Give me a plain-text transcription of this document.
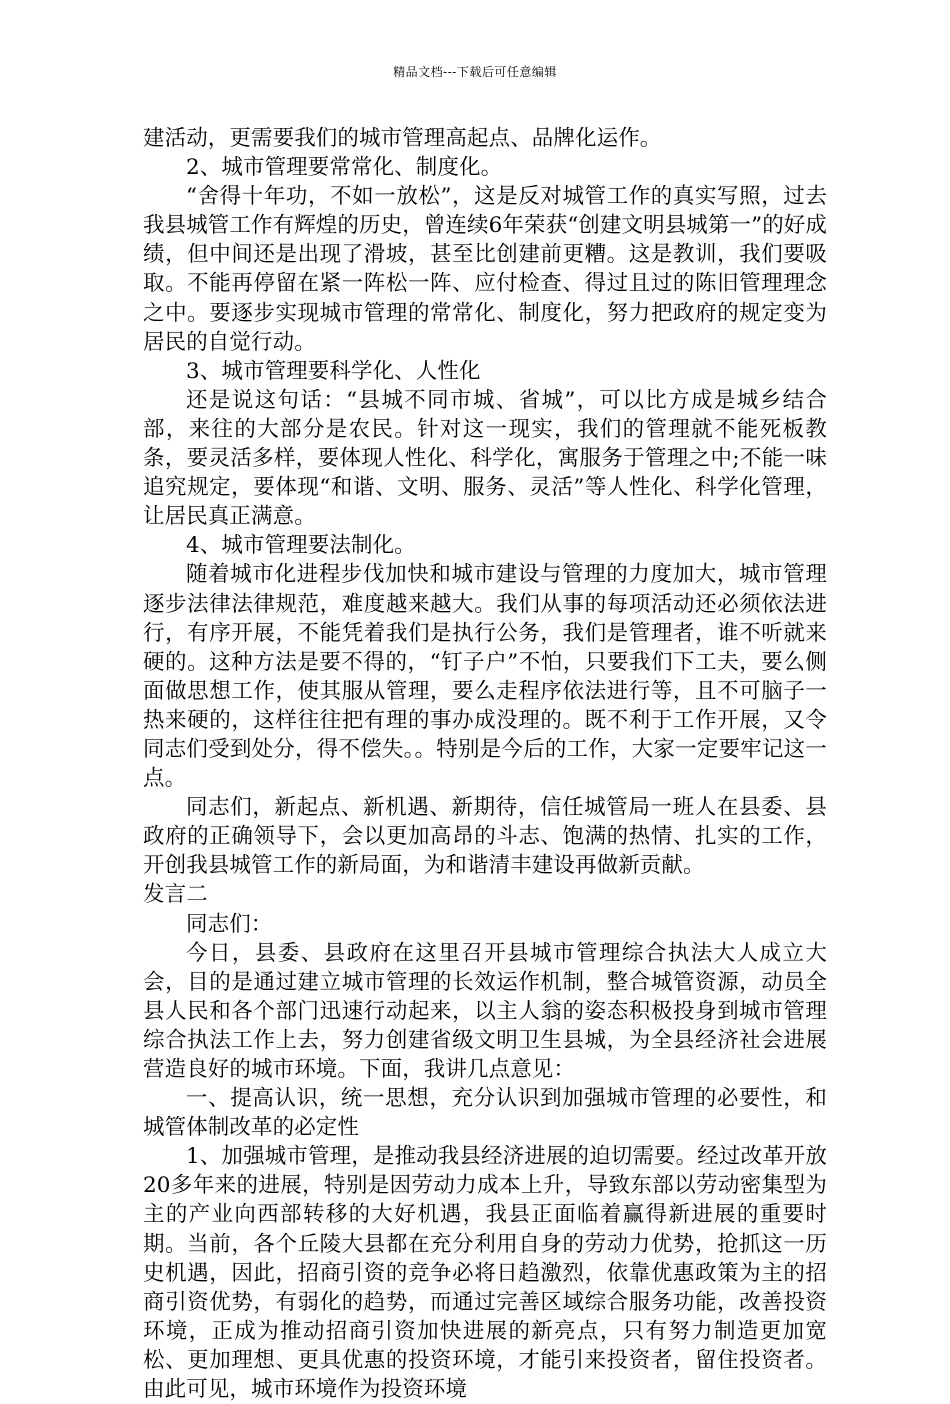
精品文档---下载后可任意编辑

建活动，更需要我们的城市管理高起点、品牌化运作。

2、城市管理要常常化、制度化。

“舍得十年功，不如一放松”，这是反对城管工作的真实写照，过去我县城管工作有辉煌的历史，曾连续6年荣获“创建文明县城第一”的好成绩，但中间还是出现了滑坡，甚至比创建前更糟。这是教训，我们要吸取。不能再停留在紧一阵松一阵、应付检查、得过且过的陈旧管理理念之中。要逐步实现城市管理的常常化、制度化，努力把政府的规定变为居民的自觉行动。

3、城市管理要科学化、人性化

还是说这句话：“县城不同市城、省城”，可以比方成是城乡结合部，来往的大部分是农民。针对这一现实，我们的管理就不能死板教条，要灵活多样，要体现人性化、科学化，寓服务于管理之中;不能一味追究规定，要体现“和谐、文明、服务、灵活”等人性化、科学化管理，让居民真正满意。

4、城市管理要法制化。

随着城市化进程步伐加快和城市建设与管理的力度加大，城市管理逐步法律法律规范，难度越来越大。我们从事的每项活动还必须依法进行，有序开展，不能凭着我们是执行公务，我们是管理者，谁不听就来硬的。这种方法是要不得的，“钉子户”不怕，只要我们下工夫，要么侧面做思想工作，使其服从管理，要么走程序依法进行等，且不可脑子一热来硬的，这样往往把有理的事办成没理的。既不利于工作开展，又令同志们受到处分，得不偿失。。特别是今后的工作，大家一定要牢记这一点。

同志们，新起点、新机遇、新期待，信任城管局一班人在县委、县政府的正确领导下，会以更加高昂的斗志、饱满的热情、扎实的工作，开创我县城管工作的新局面，为和谐清丰建设再做新贡献。

发言二

同志们：

今日，县委、县政府在这里召开县城市管理综合执法大人成立大会，目的是通过建立城市管理的长效运作机制，整合城管资源，动员全县人民和各个部门迅速行动起来，以主人翁的姿态积极投身到城市管理综合执法工作上去，努力创建省级文明卫生县城，为全县经济社会进展营造良好的城市环境。下面，我讲几点意见：

一、提高认识，统一思想，充分认识到加强城市管理的必要性，和城管体制改革的必定性

1、加强城市管理，是推动我县经济进展的迫切需要。经过改革开放20多年来的进展，特别是因劳动力成本上升，导致东部以劳动密集型为主的产业向西部转移的大好机遇，我县正面临着赢得新进展的重要时期。当前，各个丘陵大县都在充分利用自身的劳动力优势，抢抓这一历史机遇，因此，招商引资的竞争必将日趋激烈，依靠优惠政策为主的招商引资优势，有弱化的趋势，而通过完善区域综合服务功能，改善投资环境，正成为推动招商引资加快进展的新亮点，只有努力制造更加宽松、更加理想、更具优惠的投资环境，才能引来投资者，留住投资者。由此可见，城市环境作为投资环境
